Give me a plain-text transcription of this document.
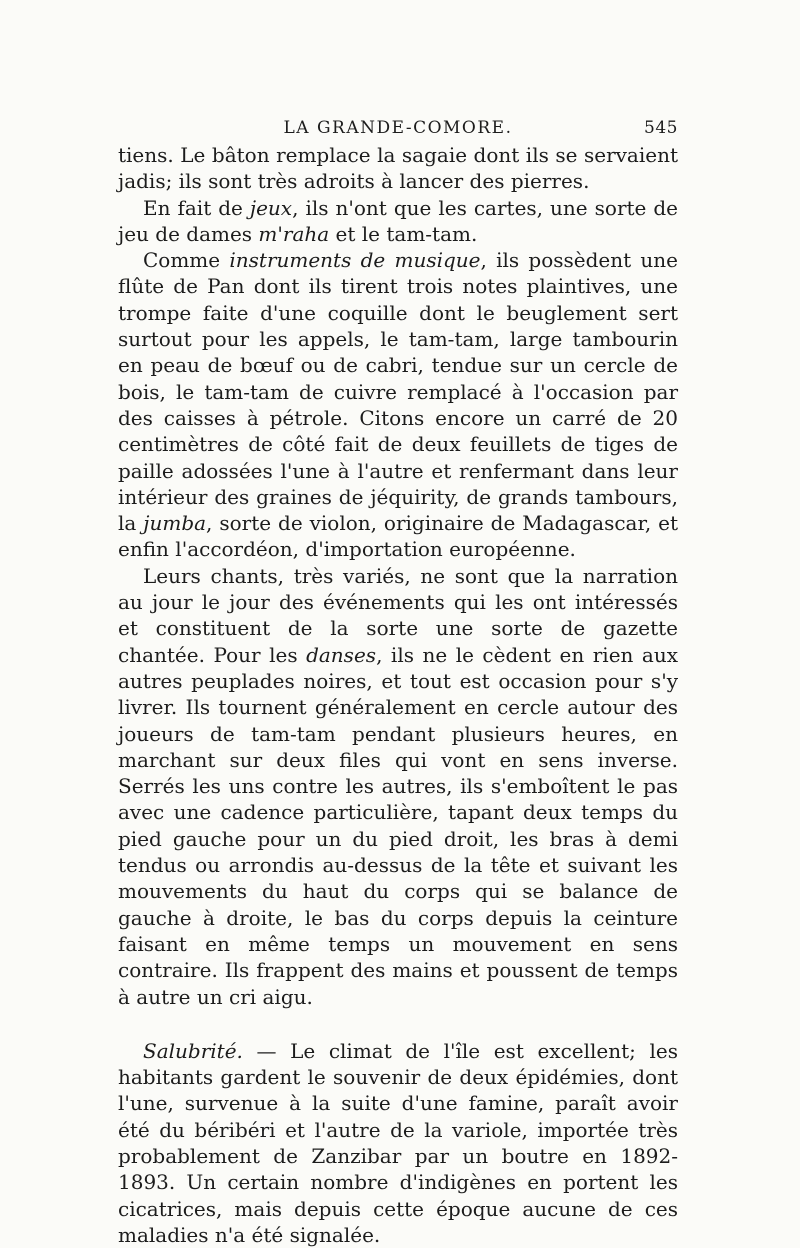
LA GRANDE-COMORE.	545

tiens. Le bâton remplace la sagaie dont ils se servaient jadis; ils sont très adroits à lancer des pierres.

En fait de jeux, ils n'ont que les cartes, une sorte de jeu de dames m'raha et le tam-tam.

Comme instruments de musique, ils possèdent une flûte de Pan dont ils tirent trois notes plaintives, une trompe faite d'une coquille dont le beuglement sert surtout pour les appels, le tam-tam, large tambourin en peau de bœuf ou de cabri, tendue sur un cercle de bois, le tam-tam de cuivre remplacé à l'occasion par des caisses à pétrole. Citons encore un carré de 20 centimètres de côté fait de deux feuillets de tiges de paille adossées l'une à l'autre et renfermant dans leur intérieur des graines de jéquirity, de grands tambours, la jumba, sorte de violon, originaire de Madagascar, et enfin l'accordéon, d'importation européenne.

Leurs chants, très variés, ne sont que la narration au jour le jour des événements qui les ont intéressés et constituent de la sorte une sorte de gazette chantée. Pour les danses, ils ne le cèdent en rien aux autres peuplades noires, et tout est occasion pour s'y livrer. Ils tournent généralement en cercle autour des joueurs de tam-tam pendant plusieurs heures, en marchant sur deux files qui vont en sens inverse. Serrés les uns contre les autres, ils s'emboîtent le pas avec une cadence particulière, tapant deux temps du pied gauche pour un du pied droit, les bras à demi tendus ou arrondis au-dessus de la tête et suivant les mouvements du haut du corps qui se balance de gauche à droite, le bas du corps depuis la ceinture faisant en même temps un mouvement en sens contraire. Ils frappent des mains et poussent de temps à autre un cri aigu.

Salubrité. — Le climat de l'île est excellent; les habitants gardent le souvenir de deux épidémies, dont l'une, survenue à la suite d'une famine, paraît avoir été du béribéri et l'autre de la variole, importée très probablement de Zanzibar par un boutre en 1892-1893. Un certain nombre d'indigènes en portent les cicatrices, mais depuis cette époque aucune de ces maladies n'a été signalée.
